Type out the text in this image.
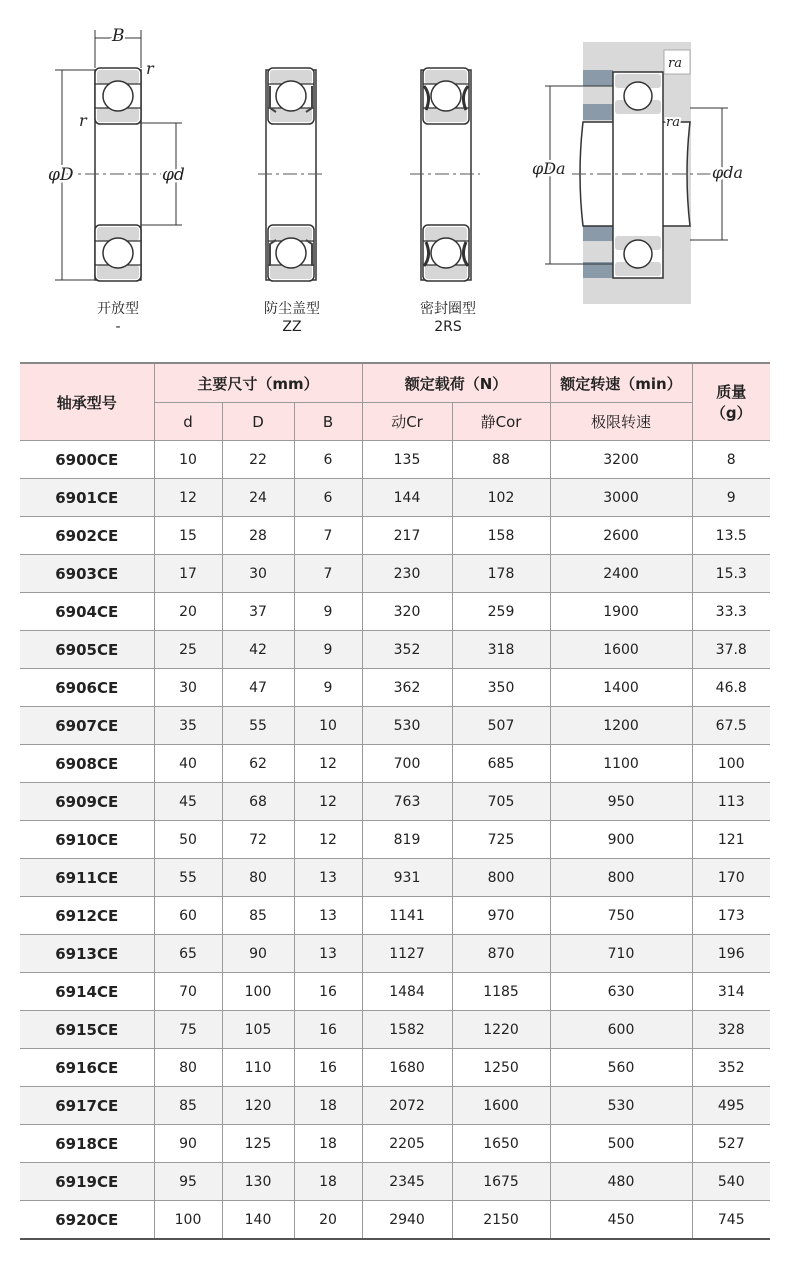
B
r
r
φD	φd	φDa	φda
ra
ra
开放型
-
防尘盖型
ZZ
密封圈型
2RS
轴承型号	主要尺寸（mm）			额定载荷（N）		额定转速（min）	质量（g）
	d	D	B	动Cr	静Cor	极限转速	
6900CE	10	22	6	135	88	3200	8
6901CE	12	24	6	144	102	3000	9
6902CE	15	28	7	217	158	2600	13.5
6903CE	17	30	7	230	178	2400	15.3
6904CE	20	37	9	320	259	1900	33.3
6905CE	25	42	9	352	318	1600	37.8
6906CE	30	47	9	362	350	1400	46.8
6907CE	35	55	10	530	507	1200	67.5
6908CE	40	62	12	700	685	1100	100
6909CE	45	68	12	763	705	950	113
6910CE	50	72	12	819	725	900	121
6911CE	55	80	13	931	800	800	170
6912CE	60	85	13	1141	970	750	173
6913CE	65	90	13	1127	870	710	196
6914CE	70	100	16	1484	1185	630	314
6915CE	75	105	16	1582	1220	600	328
6916CE	80	110	16	1680	1250	560	352
6917CE	85	120	18	2072	1600	530	495
6918CE	90	125	18	2205	1650	500	527
6919CE	95	130	18	2345	1675	480	540
6920CE	100	140	20	2940	2150	450	745
